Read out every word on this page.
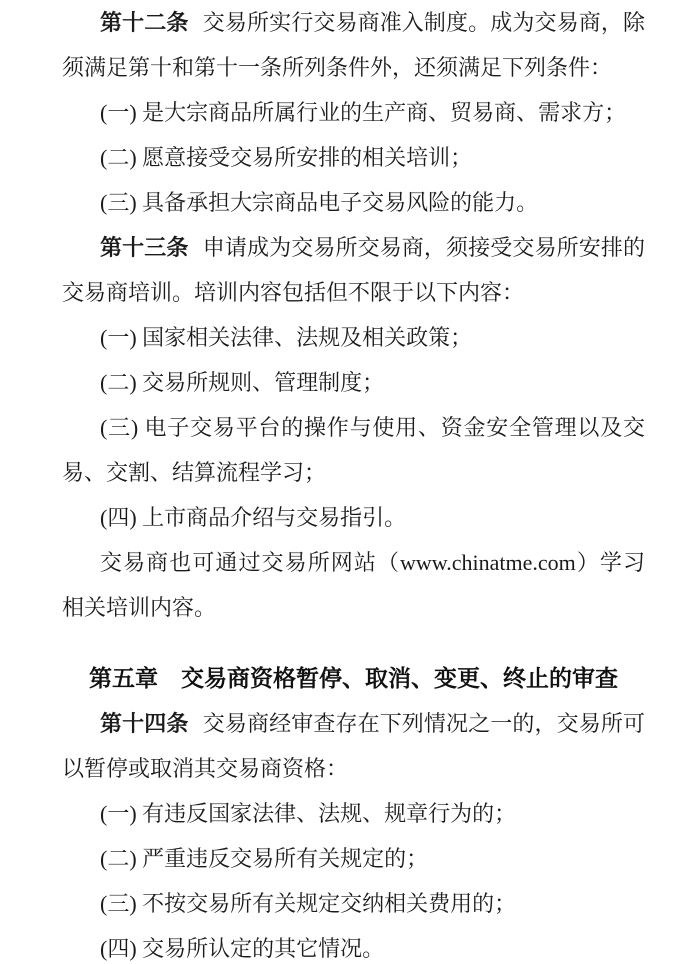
第十二条 交易所实行交易商准入制度。成为交易商，除须满足第十和第十一条所列条件外，还须满足下列条件：

(一) 是大宗商品所属行业的生产商、贸易商、需求方；

(二) 愿意接受交易所安排的相关培训；

(三) 具备承担大宗商品电子交易风险的能力。

第十三条 申请成为交易所交易商，须接受交易所安排的交易商培训。培训内容包括但不限于以下内容：

(一) 国家相关法律、法规及相关政策；

(二) 交易所规则、管理制度；

(三) 电子交易平台的操作与使用、资金安全管理以及交易、交割、结算流程学习；

(四) 上市商品介绍与交易指引。

交易商也可通过交易所网站（www.chinatme.com）学习相关培训内容。

第五章 交易商资格暂停、取消、变更、终止的审查

第十四条 交易商经审查存在下列情况之一的，交易所可以暂停或取消其交易商资格：

(一) 有违反国家法律、法规、规章行为的；

(二) 严重违反交易所有关规定的；

(三) 不按交易所有关规定交纳相关费用的；

(四) 交易所认定的其它情况。
